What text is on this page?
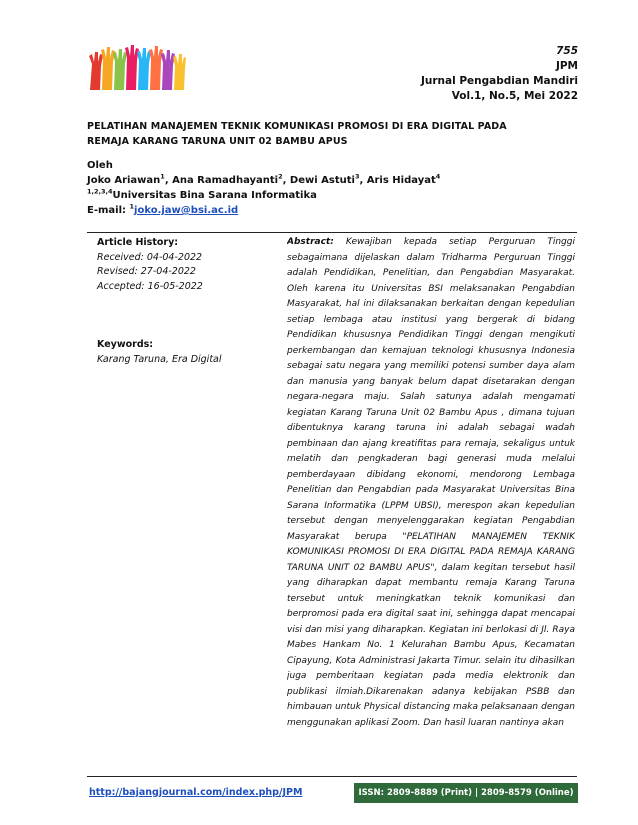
755
JPM
Jurnal Pengabdian Mandiri
Vol.1, No.5, Mei 2022
PELATIHAN MANAJEMEN TEKNIK KOMUNIKASI PROMOSI DI ERA DIGITAL PADA
REMAJA KARANG TARUNA UNIT 02 BAMBU APUS
Oleh
Joko Ariawan$^1$, Ana Ramadhayanti$^2$, Dewi Astuti$^3$, Aris Hidayat$^4$
$^{1,2,3,4}$Universitas Bina Sarana Informatika
E-mail: $^1$joko.jaw@bsi.ac.id
Article History:
Received: 04-04-2022
Revised: 27-04-2022
Accepted: 16-05-2022
Keywords:
Karang Taruna, Era Digital
Abstract: Kewajiban kepada setiap Perguruan Tinggi sebagaimana dijelaskan dalam Tridharma Perguruan Tinggi adalah Pendidikan, Penelitian, dan Pengabdian Masyarakat. Oleh karena itu Universitas BSI melaksanakan Pengabdian Masyarakat, hal ini dilaksanakan berkaitan dengan kepedulian setiap lembaga atau institusi yang bergerak di bidang Pendidikan khususnya Pendidikan Tinggi dengan mengikuti perkembangan dan kemajuan teknologi khususnya Indonesia sebagai satu negara yang memiliki potensi sumber daya alam dan manusia yang banyak belum dapat disetarakan dengan negara-negara maju. Salah satunya adalah mengamati kegiatan Karang Taruna Unit 02 Bambu Apus , dimana tujuan dibentuknya karang taruna ini adalah sebagai wadah pembinaan dan ajang kreatifitas para remaja, sekaligus untuk melatih dan pengkaderan bagi generasi muda melalui pemberdayaan dibidang ekonomi, mendorong Lembaga Penelitian dan Pengabdian pada Masyarakat Universitas Bina Sarana Informatika (LPPM UBSI), merespon akan kepedulian tersebut dengan menyelenggarakan kegiatan Pengabdian Masyarakat berupa "PELATIHAN MANAJEMEN TEKNIK KOMUNIKASI PROMOSI DI ERA DIGITAL PADA REMAJA KARANG TARUNA UNIT 02 BAMBU APUS", dalam kegitan tersebut hasil yang diharapkan dapat membantu remaja Karang Taruna tersebut untuk meningkatkan teknik komunikasi dan berpromosi pada era digital saat ini, sehingga dapat mencapai visi dan misi yang diharapkan. Kegiatan ini berlokasi di Jl. Raya Mabes Hankam No. 1 Kelurahan Bambu Apus, Kecamatan Cipayung, Kota Administrasi Jakarta Timur. selain itu dihasilkan juga pemberitaan kegiatan pada media elektronik dan publikasi ilmiah.Dikarenakan adanya kebijakan PSBB dan himbauan untuk Physical distancing maka pelaksanaan dengan menggunakan aplikasi Zoom. Dan hasil luaran nantinya akan
http://bajangjournal.com/index.php/JPM	ISSN: 2809-8889 (Print) | 2809-8579 (Online)
